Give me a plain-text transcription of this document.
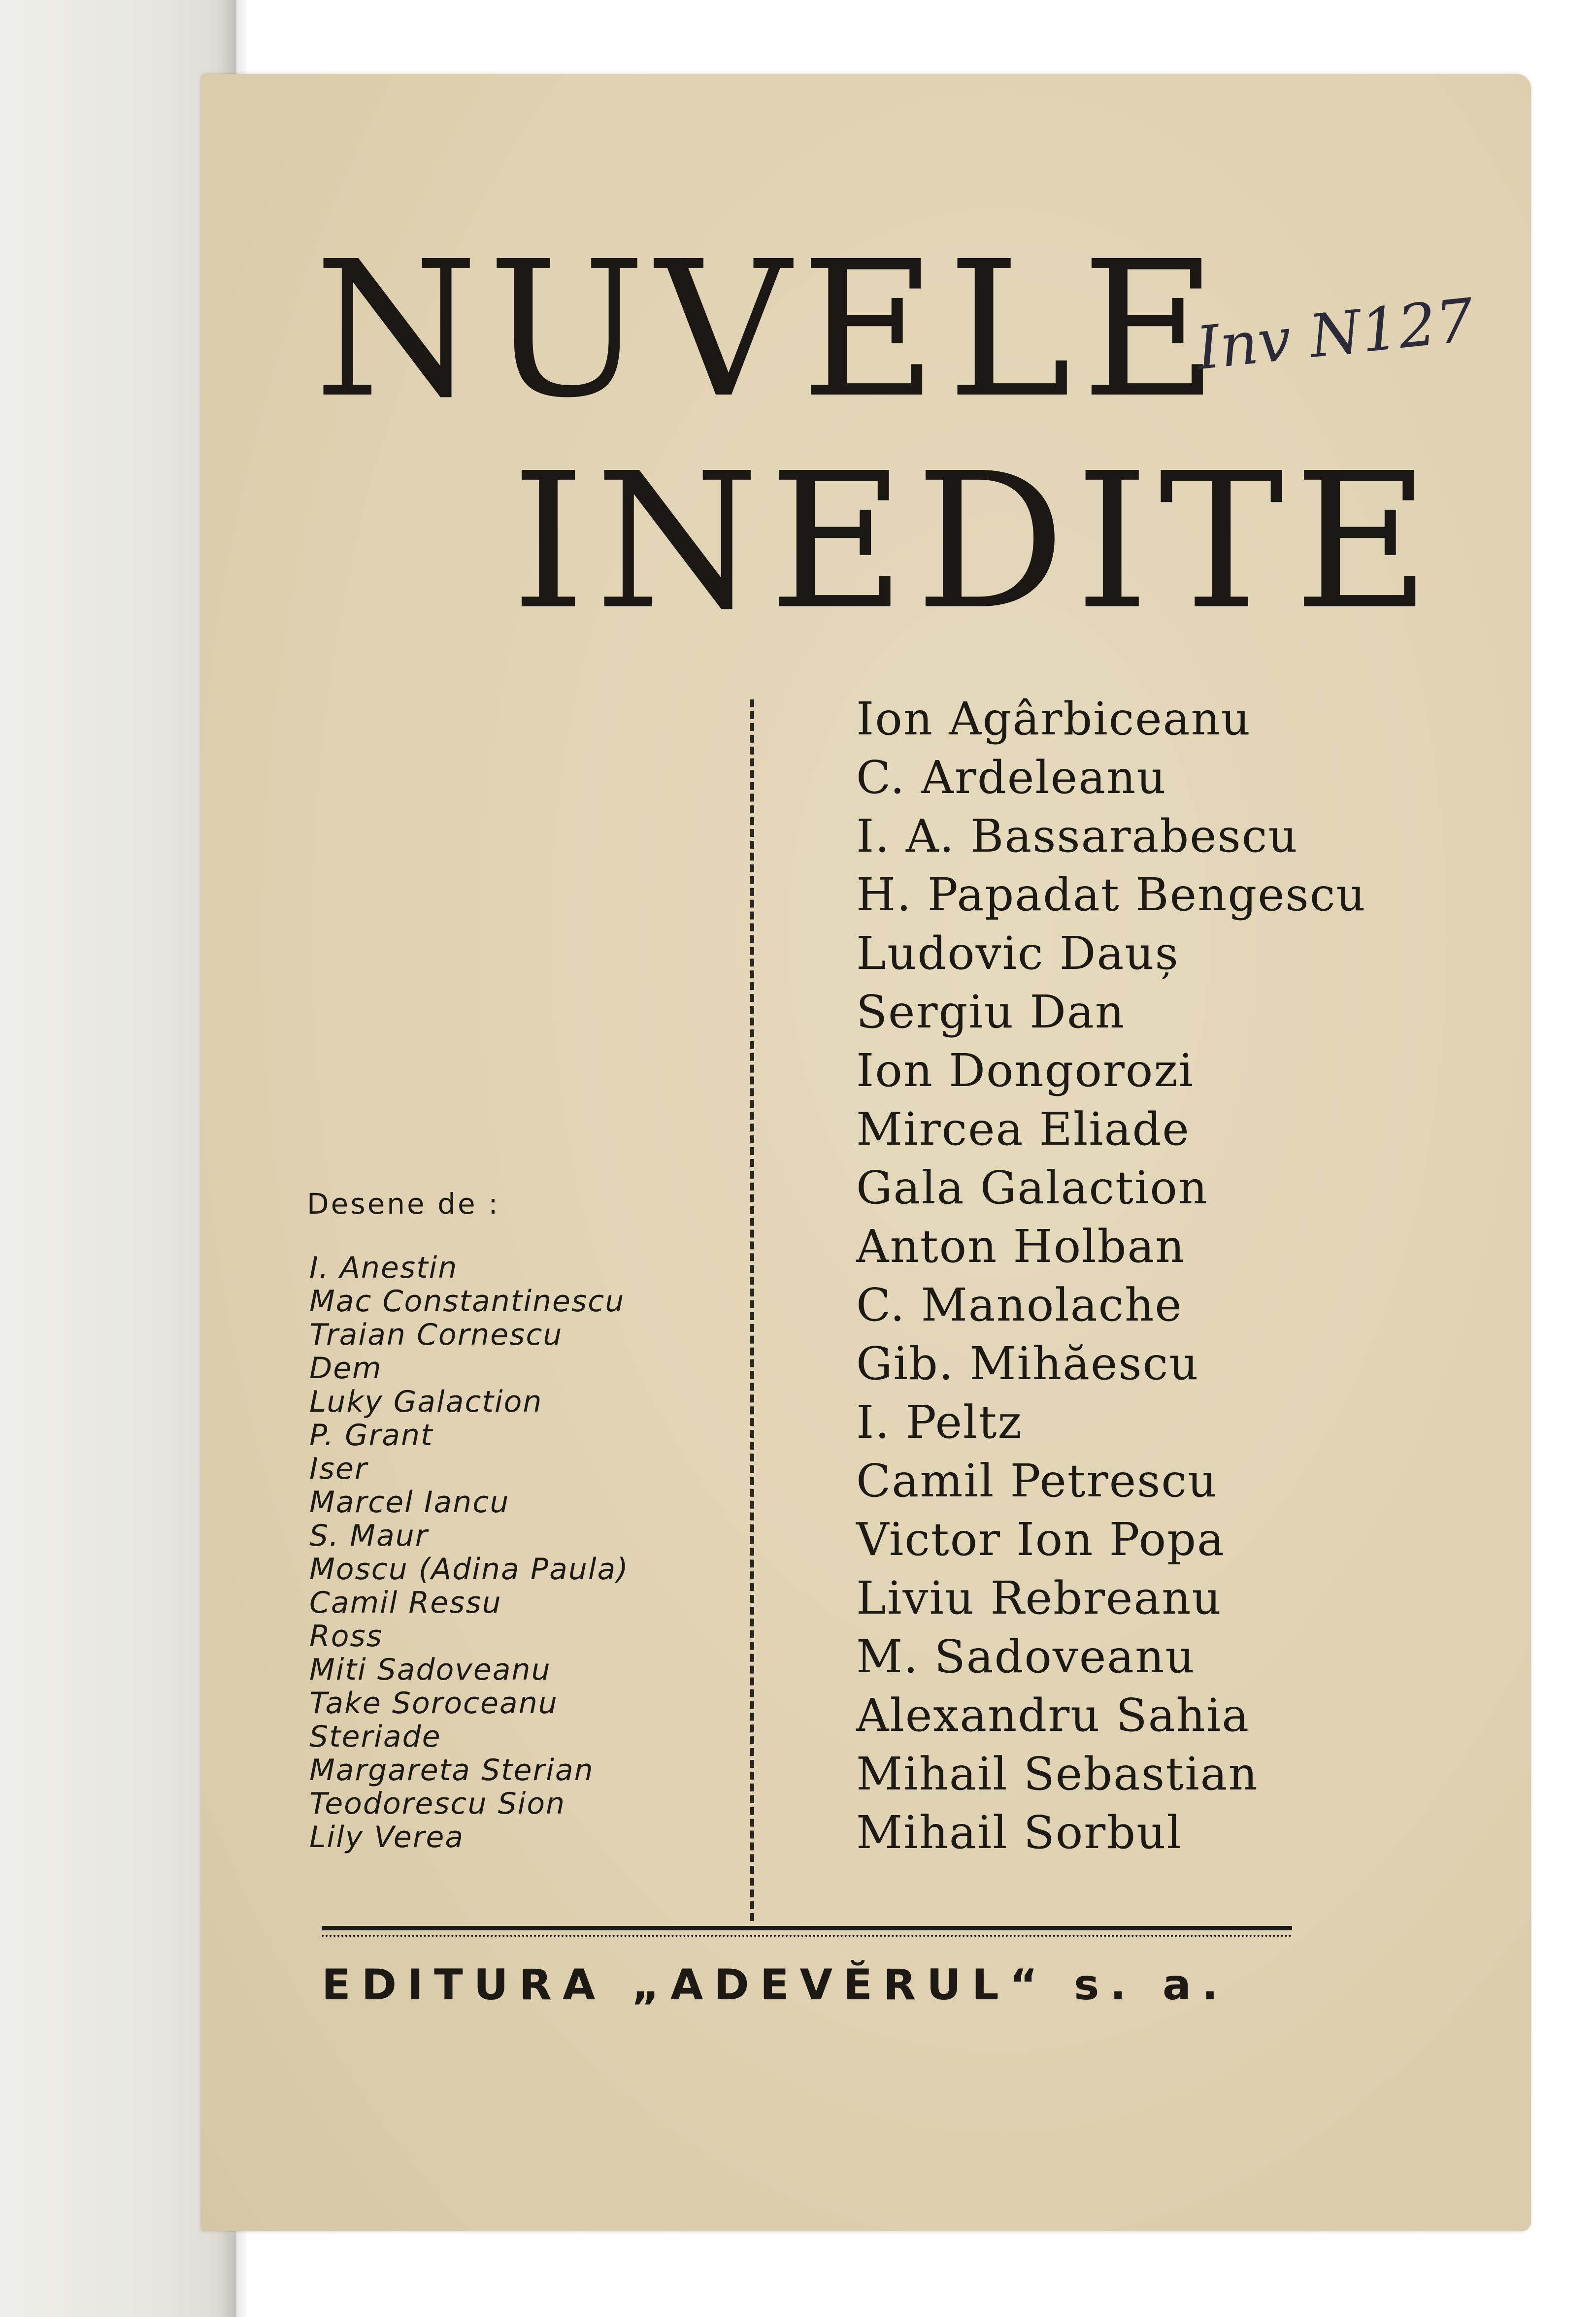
NUVELE
INEDITE
Inv N127
Ion Agârbiceanu
C. Ardeleanu
I. A. Bassarabescu
H. Papadat Bengescu
Ludovic Dauș
Sergiu Dan
Ion Dongorozi
Mircea Eliade
Gala Galaction
Anton Holban
C. Manolache
Gib. Mihăescu
I. Peltz
Camil Petrescu
Victor Ion Popa
Liviu Rebreanu
M. Sadoveanu
Alexandru Sahia
Mihail Sebastian
Mihail Sorbul
Desene de :
I. Anestin
Mac Constantinescu
Traian Cornescu
Dem
Luky Galaction
P. Grant
Iser
Marcel Iancu
S. Maur
Moscu (Adina Paula)
Camil Ressu
Ross
Miti Sadoveanu
Take Soroceanu
Steriade
Margareta Sterian
Teodorescu Sion
Lily Verea
EDITURA „ADEVĔRUL“ s. a.
